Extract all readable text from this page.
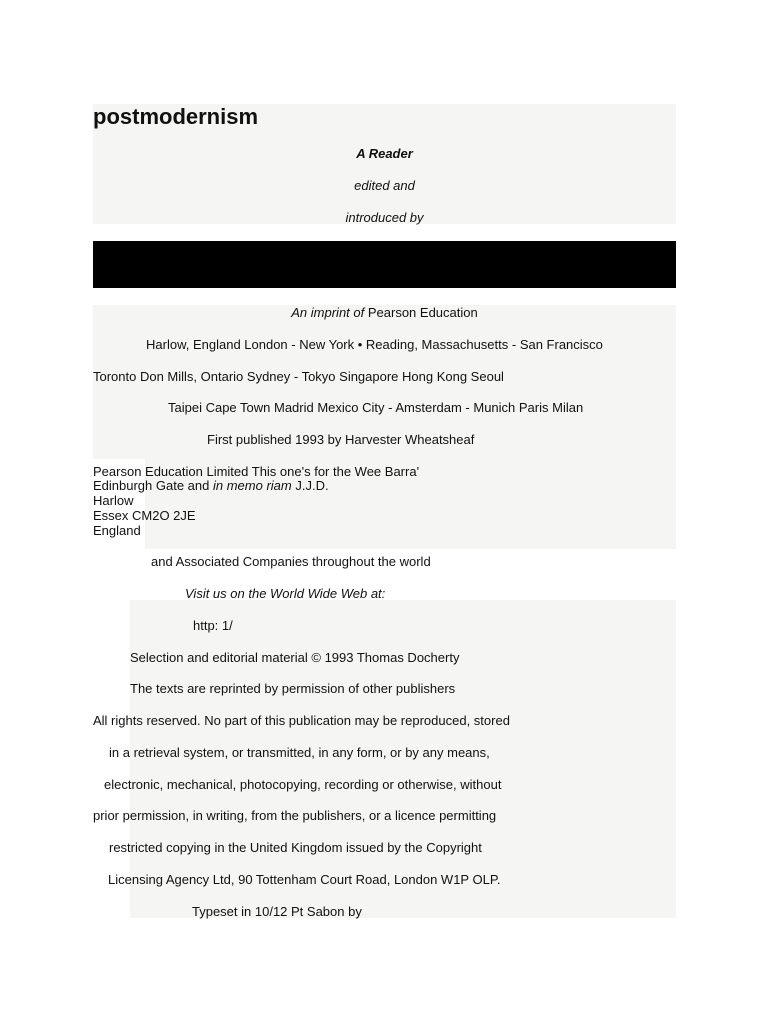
postmodernism
A Reader
edited and
introduced by
An imprint of Pearson Education
Harlow, England London - New York • Reading, Massachusetts - San Francisco
Toronto Don Mills, Ontario Sydney - Tokyo Singapore Hong Kong Seoul
Taipei Cape Town Madrid Mexico City - Amsterdam - Munich Paris Milan
First published 1993 by Harvester Wheatsheaf
Pearson Education Limited This one's for the Wee Barra'
Edinburgh Gate and in memo riam J.J.D.
Harlow
Essex CM2O 2JE
England
and Associated Companies throughout the world
Visit us on the World Wide Web at:
http: 1/
Selection and editorial material © 1993 Thomas Docherty
The texts are reprinted by permission of other publishers
All rights reserved. No part of this publication may be reproduced, stored
in a retrieval system, or transmitted, in any form, or by any means,
electronic, mechanical, photocopying, recording or otherwise, without
prior permission, in writing, from the publishers, or a licence permitting
restricted copying in the United Kingdom issued by the Copyright
Licensing Agency Ltd, 90 Tottenham Court Road, London W1P OLP.
Typeset in 10/12 Pt Sabon by
